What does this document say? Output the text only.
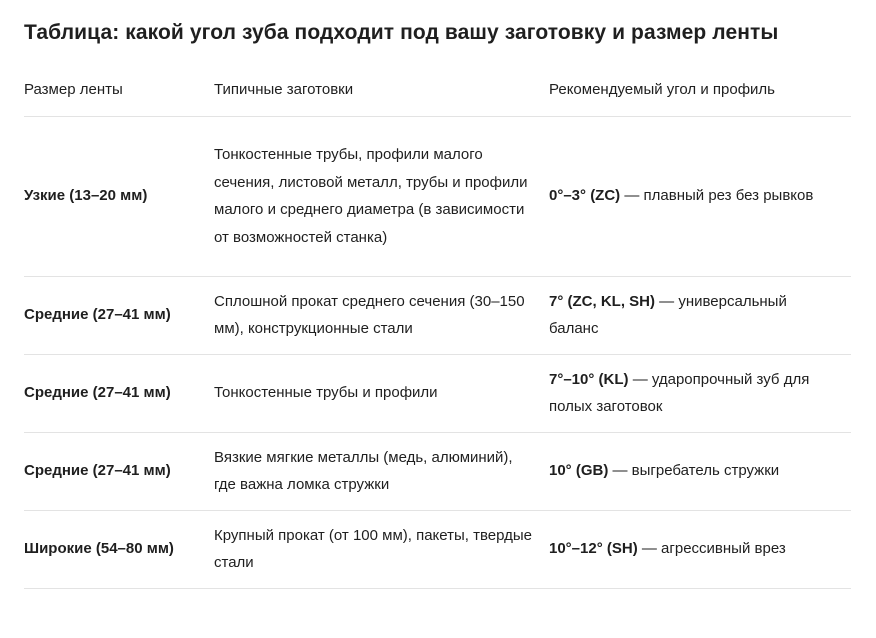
Таблица: какой угол зуба подходит под вашу заготовку и размер ленты
Размер ленты	Типичные заготовки	Рекомендуемый угол и профиль
Узкие (13–20 мм)	Тонкостенные трубы, профили малого сечения, листовой металл, трубы и профили малого и среднего диаметра (в зависимости от возможностей станка)	0°–3° (ZC) — плавный рез без рывков
Средние (27–41 мм)	Сплошной прокат среднего сечения (30–150 мм), конструкционные стали	7° (ZC, KL, SH) — универсальный баланс
Средние (27–41 мм)	Тонкостенные трубы и профили	7°–10° (KL) — ударопрочный зуб для полых заготовок
Средние (27–41 мм)	Вязкие мягкие металлы (медь, алюминий), где важна ломка стружки	10° (GB) — выгребатель стружки
Широкие (54–80 мм)	Крупный прокат (от 100 мм), пакеты, твердые стали	10°–12° (SH) — агрессивный врез
